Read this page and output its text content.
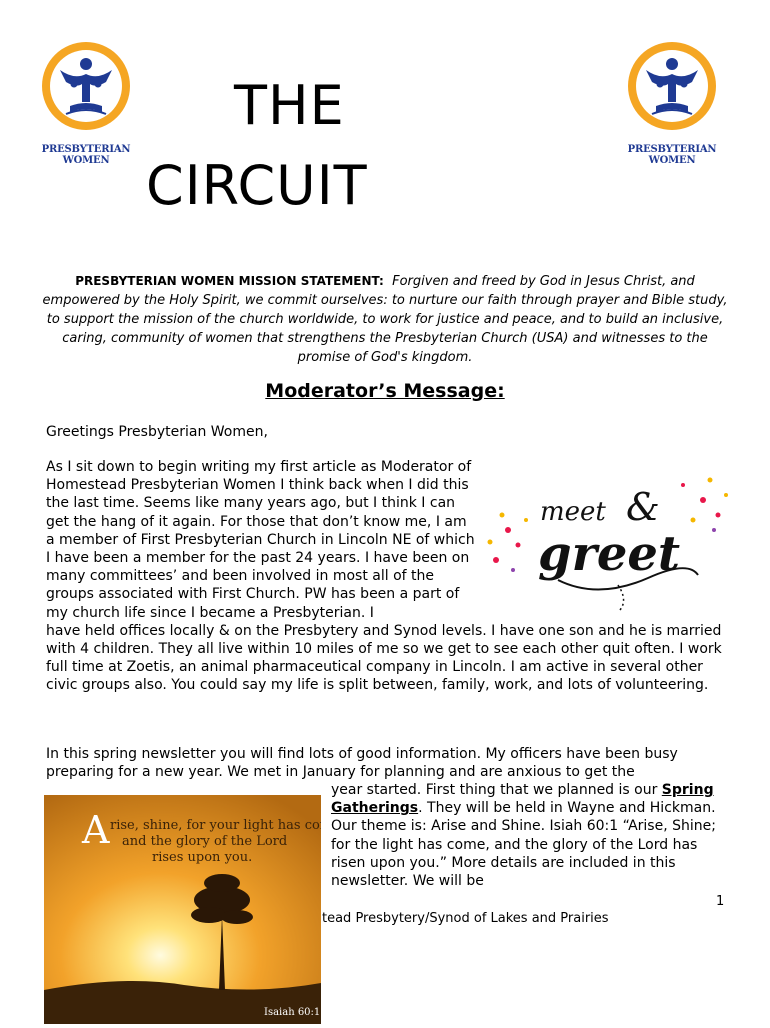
PRESBYTERIAN
WOMEN
PRESBYTERIAN
WOMEN
THE
CIRCUIT
PRESBYTERIAN WOMEN MISSION STATEMENT: Forgiven and freed by God in Jesus Christ, and empowered by the Holy Spirit, we commit ourselves: to nurture our faith through prayer and Bible study, to support the mission of the church worldwide, to work for justice and peace, and to build an inclusive, caring, community of women that strengthens the Presbyterian Church (USA) and witnesses to the promise of God's kingdom.
Moderator’s Message:
Greetings Presbyterian Women,
As I sit down to begin writing my first article as Moderator of Homestead Presbyterian Women I think back when I did this the last time. Seems like many years ago, but I think I can get the hang of it again. For those that don’t know me, I am a member of First Presbyterian Church in Lincoln NE of which I have been a member for the past 24 years. I have been on many committees’ and been involved in most all of the groups associated with First Church. PW has been a part of my church life since I became a Presbyterian. I
have held offices locally & on the Presbytery and Synod levels. I have one son and he is married with 4 children. They all live within 10 miles of me so we get to see each other quit often. I work full time at Zoetis, an animal pharmaceutical company in Lincoln. I am active in several other civic groups also. You could say my life is split between, family, work, and lots of volunteering.
meet &
greet
In this spring newsletter you will find lots of good information. My officers have been busy preparing for a new year. We met in January for planning and are anxious to get the
year started. First thing that we planned is our Spring Gatherings. They will be held in Wayne and Hickman. Our theme is: Arise and Shine. Isiah 60:1 “Arise, Shine; for the light has come, and the glory of the Lord has risen upon you.” More details are included in this newsletter. We will be
A rise, shine, for your light has come,
and the glory of the Lord
rises upon you.
Isaiah 60:1
1
tead Presbytery/Synod of Lakes and Prairies
